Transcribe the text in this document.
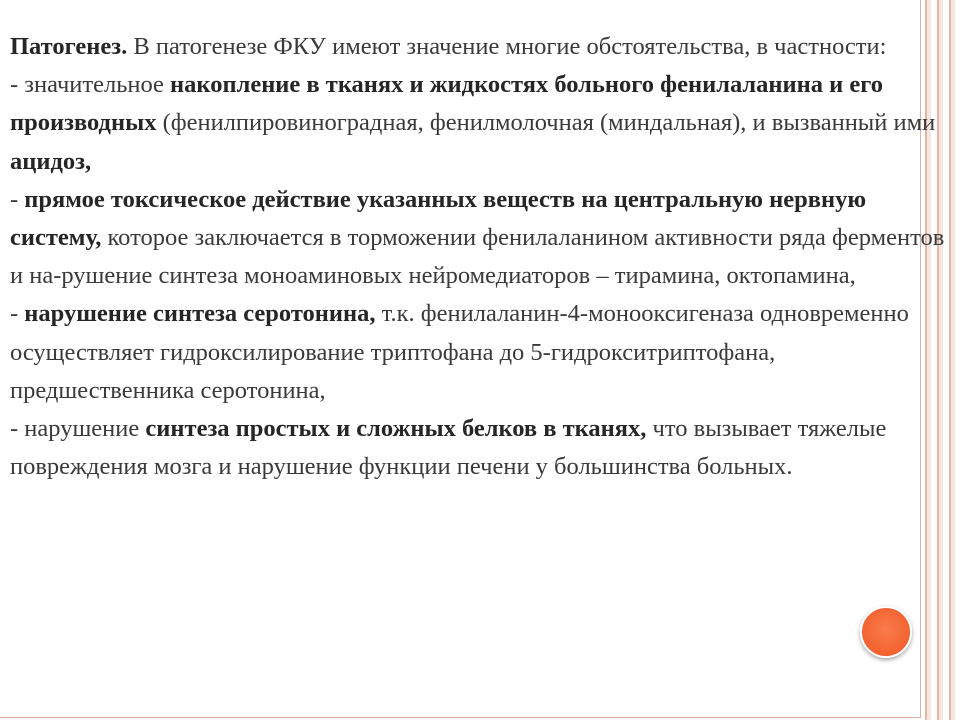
Патогенез. В патогенезе ФКУ имеют значение многие обстоятельства, в частности:

- значительное накопление в тканях и жидкостях больного фенилаланина и его производных (фенилпировиноградная, фенилмолочная (миндальная), и вызванный ими ацидоз,

- прямое токсическое действие указанных веществ на центральную нервную систему, которое заключается в торможении фенилаланином активности ряда ферментов и на-рушение синтеза моноаминовых нейромедиаторов – тирамина, октопамина,

- нарушение синтеза серотонина, т.к. фенилаланин-4-монооксигеназа одновременно осуществляет гидроксилирование триптофана до 5-гидрокситриптофана, предшественника серотонина,

- нарушение синтеза простых и сложных белков в тканях, что вызывает тяжелые повреждения мозга и нарушение функции печени у большинства больных.
